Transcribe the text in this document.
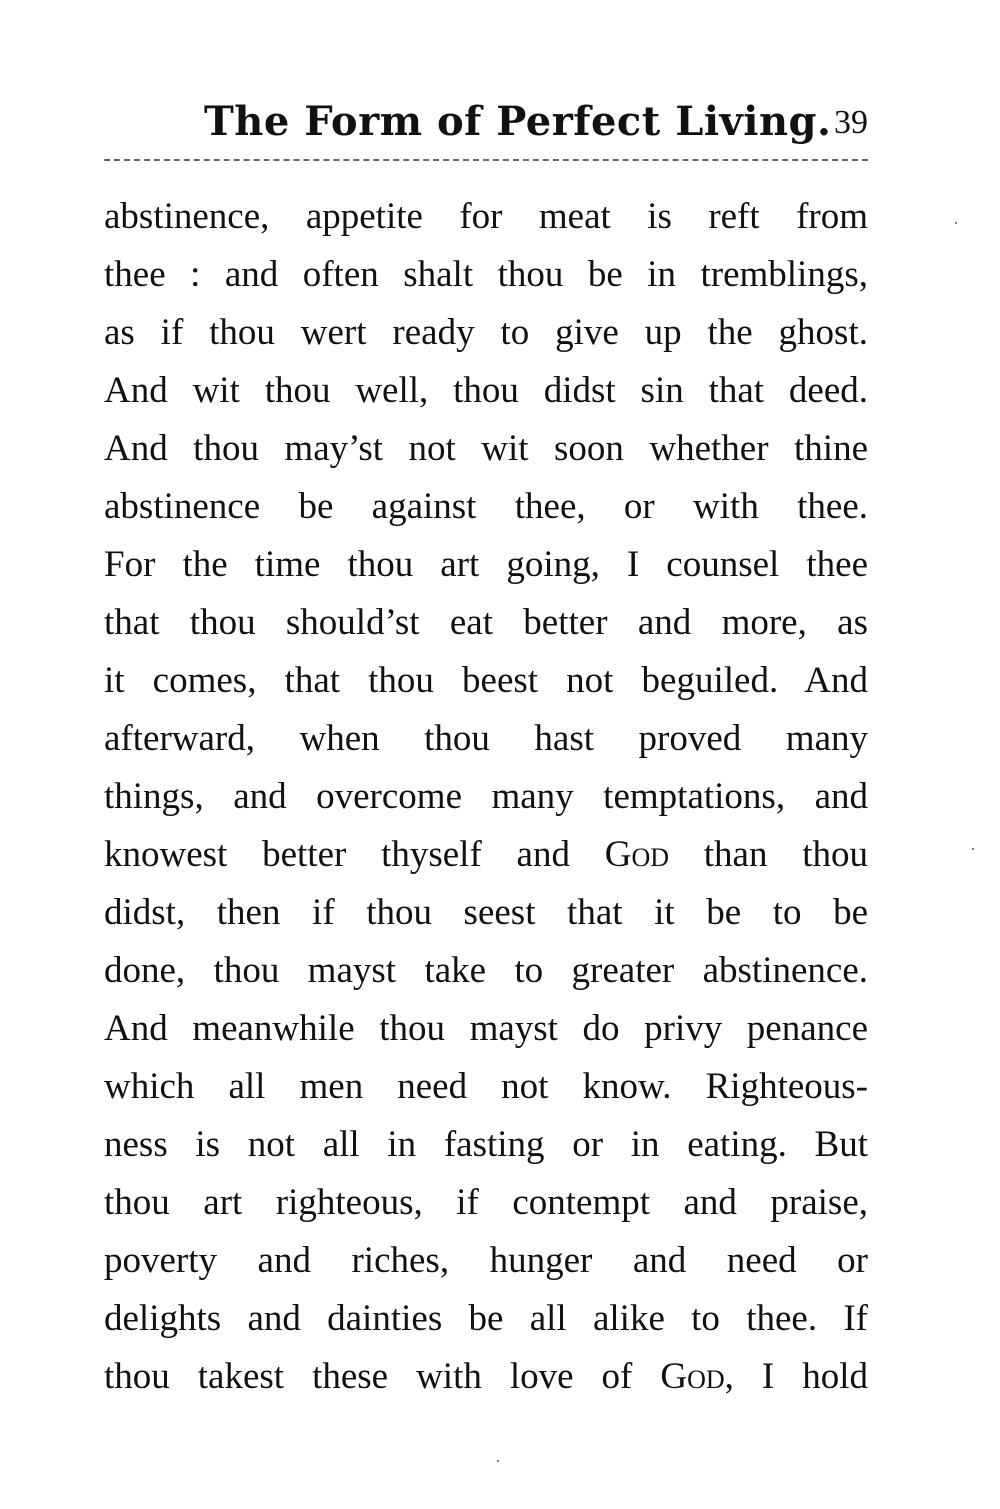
The Form of Perfect Living. 39
abstinence, appetite for meat is reft from
thee : and often shalt thou be in tremblings,
as if thou wert ready to give up the ghost.
And wit thou well, thou didst sin that deed.
And thou may’st not wit soon whether thine
abstinence be against thee, or with thee.
For the time thou art going, I counsel thee
that thou should’st eat better and more, as
it comes, that thou beest not beguiled. And
afterward, when thou hast proved many
things, and overcome many temptations, and
knowest better thyself and God than thou
didst, then if thou seest that it be to be
done, thou mayst take to greater abstinence.
And meanwhile thou mayst do privy penance
which all men need not know. Righteous-
ness is not all in fasting or in eating. But
thou art righteous, if contempt and praise,
poverty and riches, hunger and need or
delights and dainties be all alike to thee. If
thou takest these with love of God, I hold
